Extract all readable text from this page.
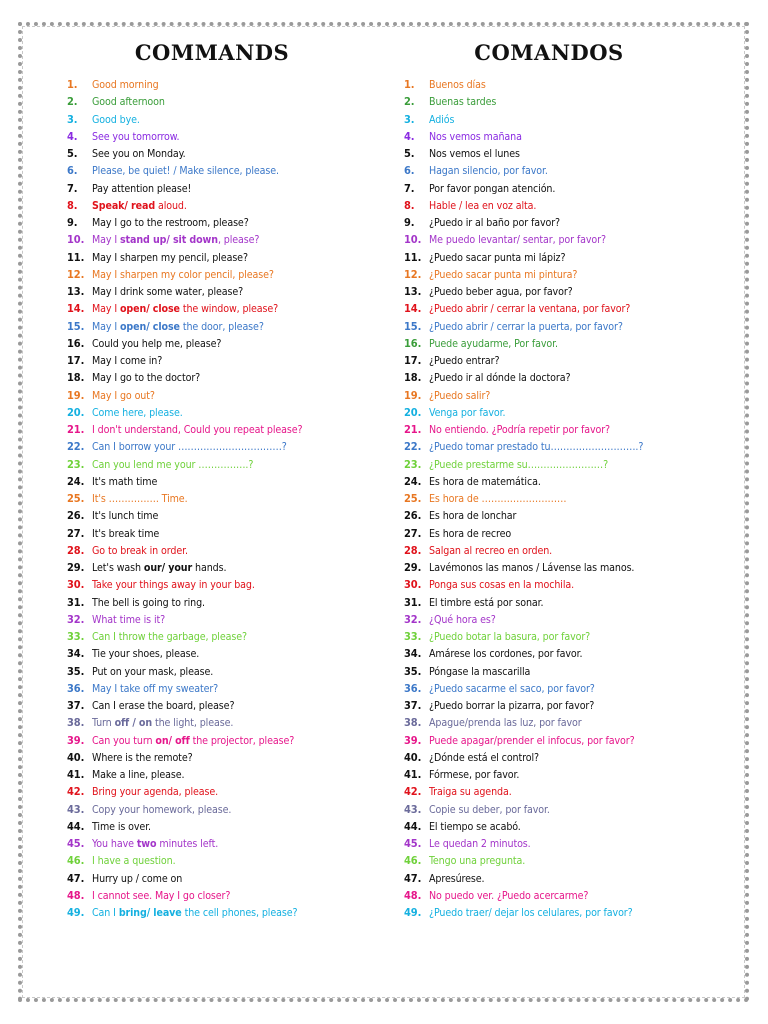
COMMANDS
1. Good morning
2. Good afternoon
3. Good bye.
4. See you tomorrow.
5. See you on Monday.
6. Please, be quiet! / Make silence, please.
7. Pay attention please!
8. Speak/ read aloud.
9. May I go to the restroom, please?
10. May I stand up/ sit down, please?
11. May I sharpen my pencil, please?
12. May I sharpen my color pencil, please?
13. May I drink some water, please?
14. May I open/ close the window, please?
15. May I open/ close the door, please?
16. Could you help me, please?
17. May I come in?
18. May I go to the doctor?
19. May I go out?
20. Come here, please.
21. I don't understand, Could you repeat please?
22. Can I borrow your ……………………………?
23. Can you lend me your …………….?
24. It's math time
25. It's ……………. Time.
26. It's lunch time
27. It's break time
28. Go to break in order.
29. Let's wash our/ your hands.
30. Take your things away in your bag.
31. The bell is going to ring.
32. What time is it?
33. Can I throw the garbage, please?
34. Tie your shoes, please.
35. Put on your mask, please.
36. May I take off my sweater?
37. Can I erase the board, please?
38. Turn off / on the light, please.
39. Can you turn on/ off the projector, please?
40. Where is the remote?
41. Make a line, please.
42. Bring your agenda, please.
43. Copy your homework, please.
44. Time is over.
45. You have two minutes left.
46. I have a question.
47. Hurry up / come on
48. I cannot see. May I go closer?
49. Can I bring/ leave the cell phones, please?
COMANDOS
1. Buenos días
2. Buenas tardes
3. Adiós
4. Nos vemos mañana
5. Nos vemos el lunes
6. Hagan silencio, por favor.
7. Por favor pongan atención.
8. Hable / lea en voz alta.
9. ¿Puedo ir al baño por favor?
10. Me puedo levantar/ sentar, por favor?
11. ¿Puedo sacar punta mi lápiz?
12. ¿Puedo sacar punta mi pintura?
13. ¿Puedo beber agua, por favor?
14. ¿Puedo abrir / cerrar la ventana, por favor?
15. ¿Puedo abrir / cerrar la puerta, por favor?
16. Puede ayudarme, Por favor.
17. ¿Puedo entrar?
18. ¿Puedo ir al dónde la doctora?
19. ¿Puedo salir?
20. Venga por favor.
21. No entiendo. ¿Podría repetir por favor?
22. ¿Puedo tomar prestado tu……………………….?
23. ¿Puede prestarme su……………………?
24. Es hora de matemática.
25. Es hora de ………………………
26. Es hora de lonchar
27. Es hora de recreo
28. Salgan al recreo en orden.
29. Lavémonos las manos / Lávense las manos.
30. Ponga sus cosas en la mochila.
31. El timbre está por sonar.
32. ¿Qué hora es?
33. ¿Puedo botar la basura, por favor?
34. Amárese los cordones, por favor.
35. Póngase la mascarilla
36. ¿Puedo sacarme el saco, por favor?
37. ¿Puedo borrar la pizarra, por favor?
38. Apague/prenda las luz, por favor
39. Puede apagar/prender el infocus, por favor?
40. ¿Dónde está el control?
41. Fórmese, por favor.
42. Traiga su agenda.
43. Copie su deber, por favor.
44. El tiempo se acabó.
45. Le quedan 2 minutos.
46. Tengo una pregunta.
47. Apresúrese.
48. No puedo ver. ¿Puedo acercarme?
49. ¿Puedo traer/ dejar los celulares, por favor?
